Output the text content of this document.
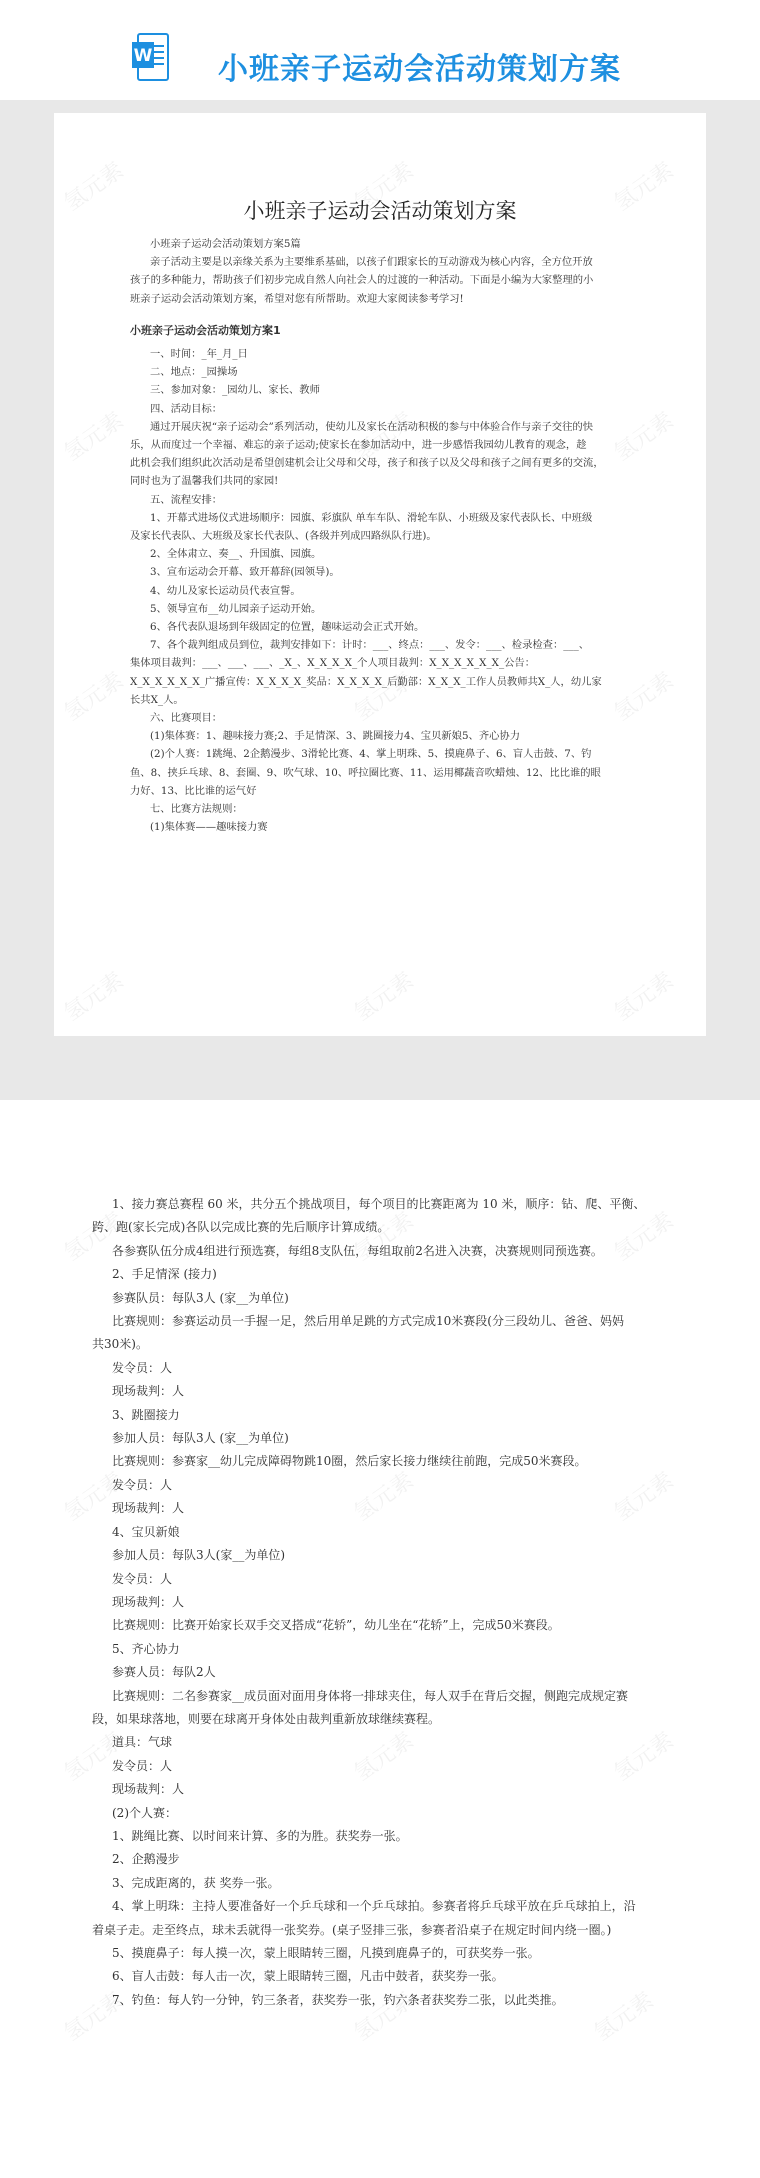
W 小班亲子运动会活动策划方案
小班亲子运动会活动策划方案

小班亲子运动会活动策划方案5篇

亲子活动主要是以亲缘关系为主要维系基础，以孩子们跟家长的互动游戏为核心内容，全方位开放

孩子的多种能力，帮助孩子们初步完成自然人向社会人的过渡的一种活动。下面是小编为大家整理的小

班亲子运动会活动策划方案，希望对您有所帮助。欢迎大家阅读参考学习!

小班亲子运动会活动策划方案1

一、时间：_年_月_日

二、地点：_园操场

三、参加对象：_园幼儿、家长、教师

四、活动目标：

通过开展庆祝“亲子运动会”系列活动，使幼儿及家长在活动积极的参与中体验合作与亲子交往的快

乐，从而度过一个幸福、难忘的亲子运动;使家长在参加活动中，进一步感悟我园幼儿教育的观念，趁

此机会我们组织此次活动是希望创建机会让父母和父母，孩子和孩子以及父母和孩子之间有更多的交流，

同时也为了温馨我们共同的家园!

五、流程安排：

1、开幕式进场仪式进场顺序：园旗、彩旗队 单车车队、滑轮车队、小班级及家代表队长、中班级

及家长代表队、大班级及家长代表队、(各级并列成四路纵队行进)。

2、全体肃立、奏__、升国旗、园旗。

3、宣布运动会开幕、致开幕辞(园领导)。

4、幼儿及家长运动员代表宣誓。

5、领导宣布__幼儿园亲子运动开始。

6、各代表队退场到年级固定的位置，趣味运动会正式开始。

7、各个裁判组成员到位，裁判安排如下：计时：___、终点：___、发令：___、检录检查：___、

集体项目裁判：___、___、___、_X_、X_X_X_X_个人项目裁判：X_X_X_X_X_X_公告：

X_X_X_X_X_X_广播宣传：X_X_X_X_奖品：X_X_X_X_后勤部：X_X_X_工作人员教师共X_人，幼儿家

长共X_人。

六、比赛项目：

(1)集体赛：1、趣味接力赛;2、手足情深、3、跳圈接力4、宝贝新娘5、齐心协力

(2)个人赛：1跳绳、2企鹅漫步、3滑轮比赛、4、掌上明珠、5、摸鹿鼻子、6、盲人击鼓、7、钓

鱼、8、挟乒乓球、8、套圈、9、吹气球、10、呼拉圈比赛、11、运用椰蔬音吹蜡烛、12、比比谁的眼

力好、13、比比谁的运气好

七、比赛方法规则：

(1)集体赛——趣味接力赛

1、接力赛总赛程 60 米，共分五个挑战项目，每个项目的比赛距离为 10 米，顺序：钻、爬、平衡、

跨、跑(家长完成)各队以完成比赛的先后顺序计算成绩。

各参赛队伍分成4组进行预选赛，每组8支队伍，每组取前2名进入决赛，决赛规则同预选赛。

2、手足情深 (接力)

参赛队员：每队3人 (家__为单位)

比赛规则：参赛运动员一手握一足，然后用单足跳的方式完成10米赛段(分三段幼儿、爸爸、妈妈

共30米)。

发令员：人

现场裁判：人

3、跳圈接力

参加人员：每队3人 (家__为单位)

比赛规则：参赛家__幼儿完成障碍物跳10圈，然后家长接力继续往前跑，完成50米赛段。

发令员：人

现场裁判：人

4、宝贝新娘

参加人员：每队3人(家__为单位)

发令员：人

现场裁判：人

比赛规则：比赛开始家长双手交叉搭成“花轿”，幼儿坐在“花轿”上，完成50米赛段。

5、齐心协力

参赛人员：每队2人

比赛规则：二名参赛家__成员面对面用身体将一排球夹住，每人双手在背后交握，侧跑完成规定赛

段，如果球落地，则要在球离开身体处由裁判重新放球继续赛程。

道具：气球

发令员：人

现场裁判：人

(2)个人赛：

1、跳绳比赛、以时间来计算、多的为胜。获奖券一张。

2、企鹅漫步

3、完成距离的，获 奖券一张。

4、掌上明珠：主持人要准备好一个乒乓球和一个乒乓球拍。参赛者将乒乓球平放在乒乓球拍上，沿

着桌子走。走至终点，球未丢就得一张奖券。(桌子竖排三张，参赛者沿桌子在规定时间内绕一圈。)

5、摸鹿鼻子：每人摸一次，蒙上眼睛转三圈，凡摸到鹿鼻子的，可获奖券一张。

6、盲人击鼓：每人击一次，蒙上眼睛转三圈，凡击中鼓者，获奖券一张。

7、钓鱼：每人钓一分钟，钓三条者，获奖券一张，钓六条者获奖券二张，以此类推。
